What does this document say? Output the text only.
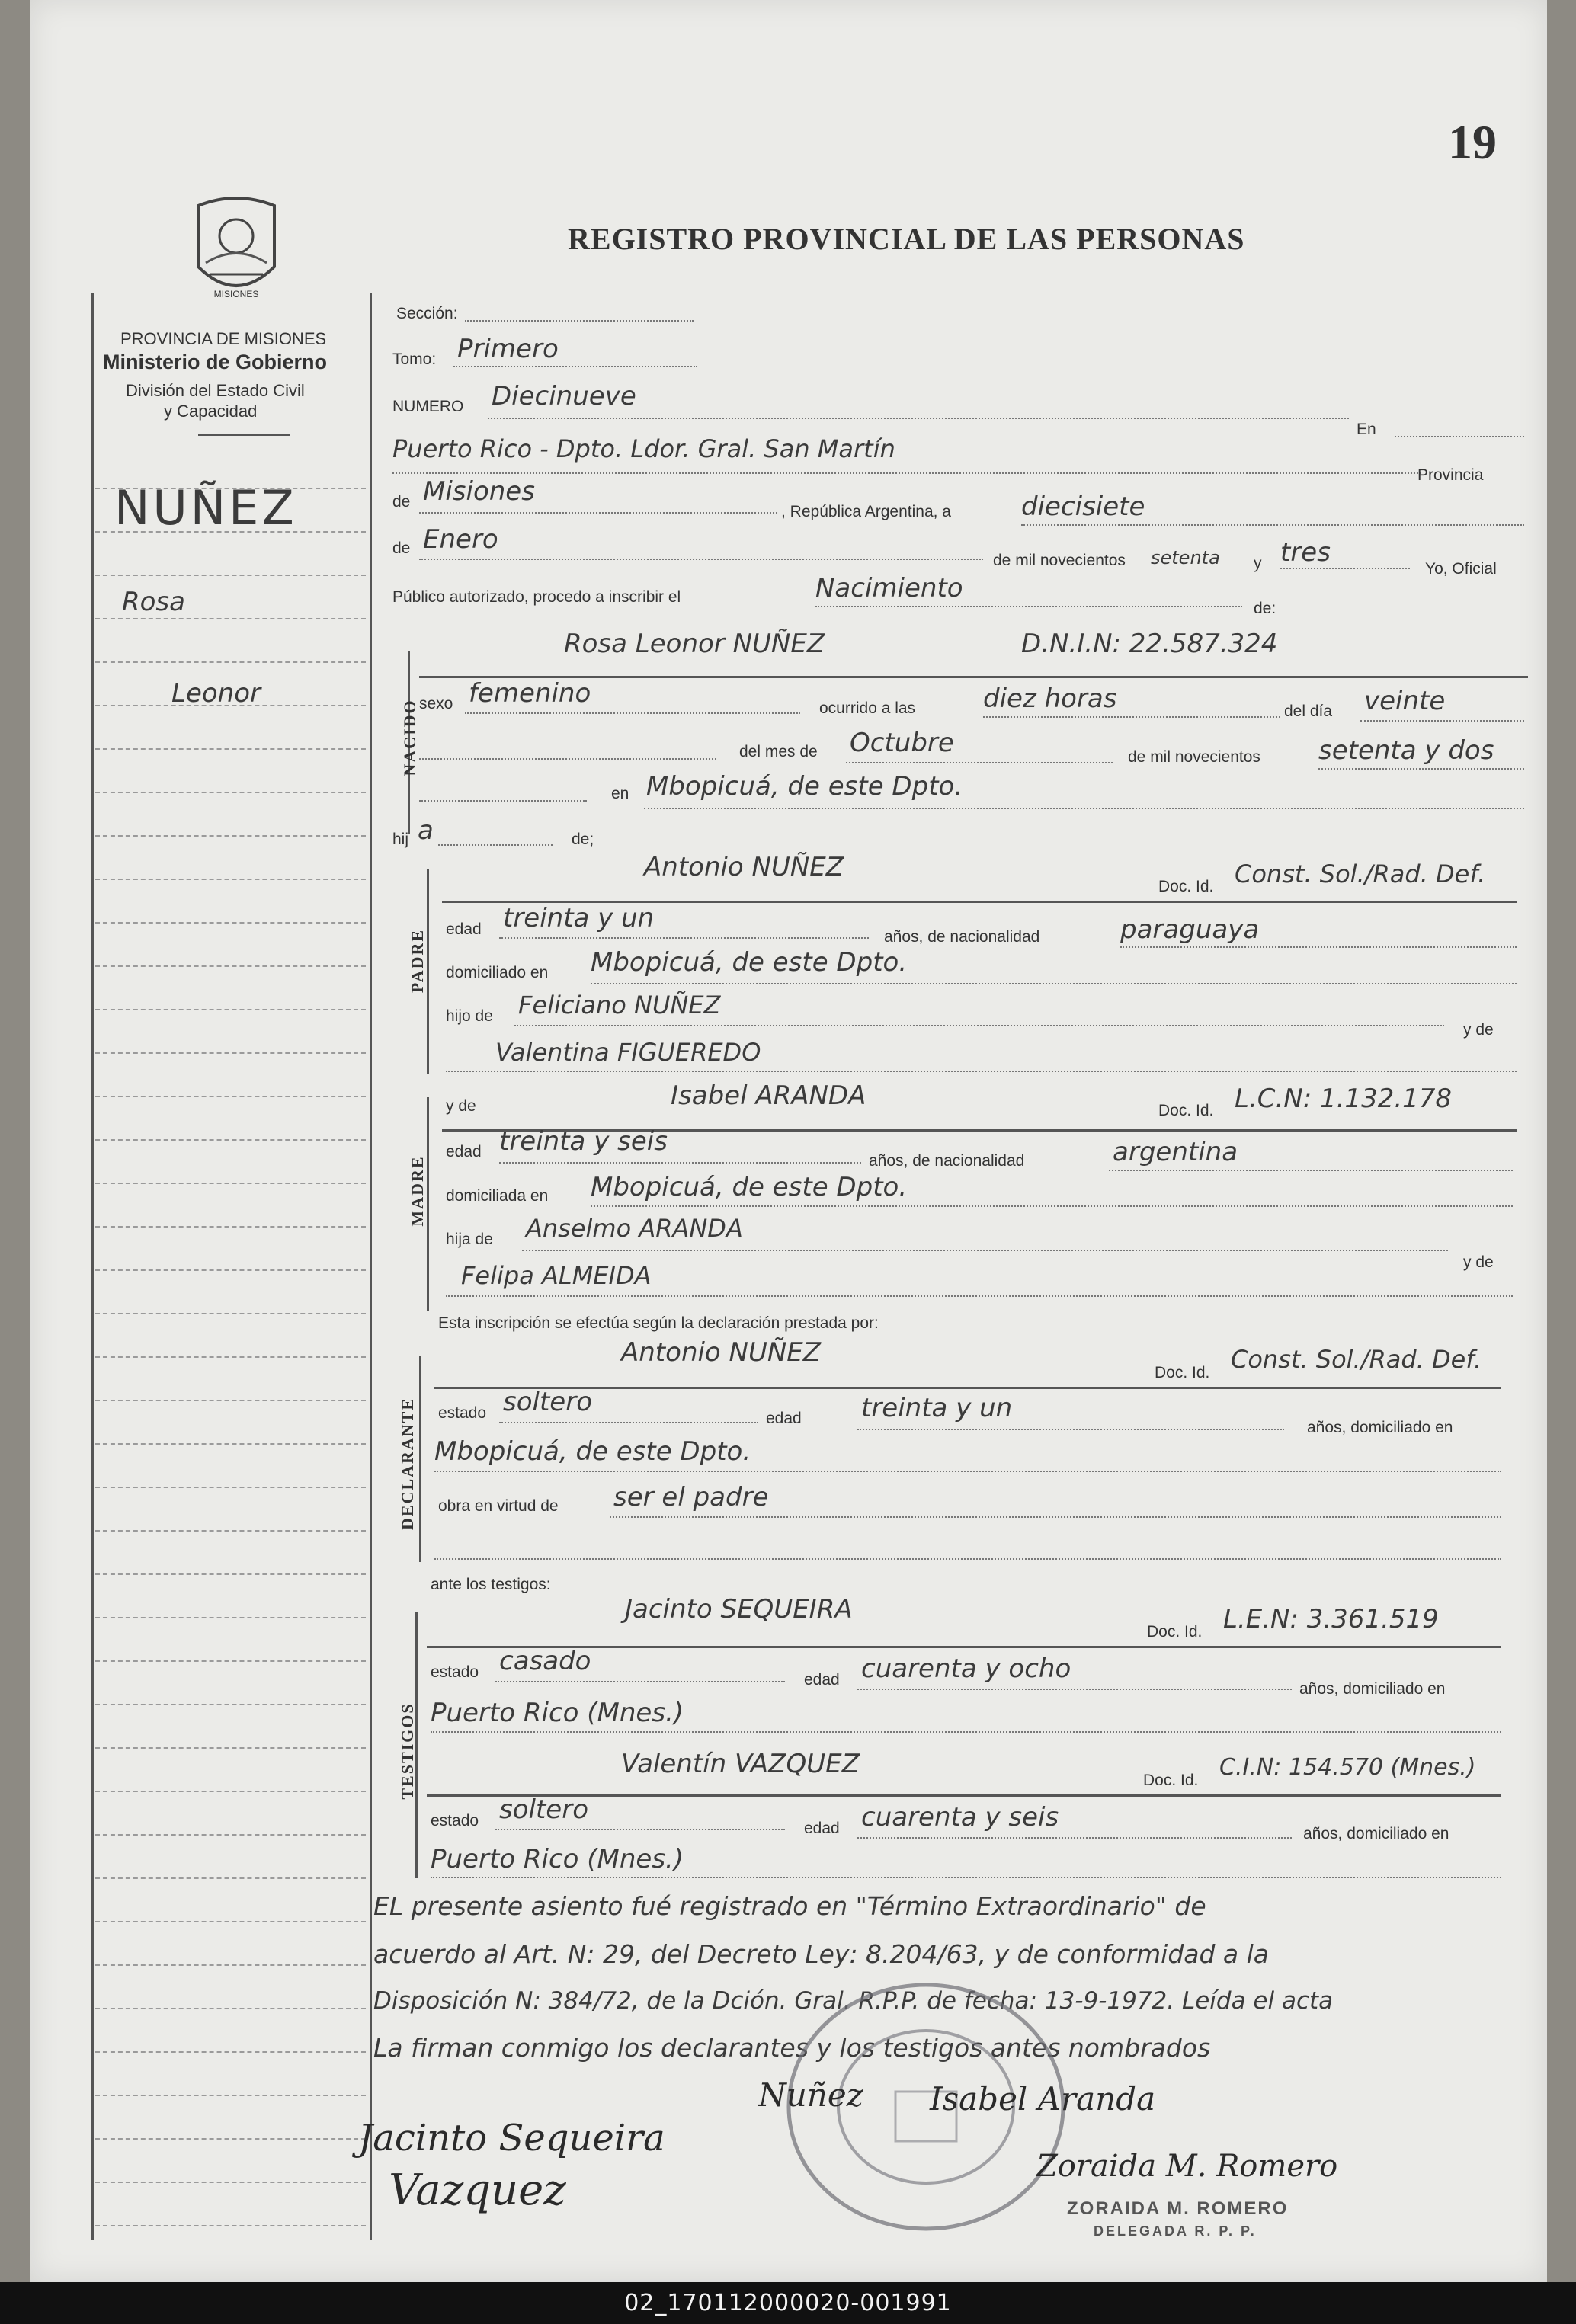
19
MISIONES
REGISTRO PROVINCIAL DE LAS PERSONAS
PROVINCIA DE MISIONES
Ministerio de Gobierno
División del Estado Civil
y Capacidad
NUÑEZ
Rosa
Leonor
Sección:
Tomo: Primero
NUMERO Diecinueve
En
Puerto Rico - Dpto. Ldor. Gral. San Martín
Provincia
de Misiones
, República Argentina, a	diecisiete
de Enero
de mil novecientos setenta y tres
Yo, Oficial
Público autorizado, procedo a inscribir el	Nacimiento
de:
NACIDO
Rosa Leonor NUÑEZ	D.N.I.N: 22.587.324
sexo femenino	ocurrido a las	diez horas	del día veinte
del mes de Octubre	de mil novecientos setenta y dos
en Mbopicuá, de este Dpto.
hij a	de;
PADRE
Antonio NUÑEZ
Doc. Id. Const. Sol./Rad. Def.
edad treinta y un
años, de nacionalidad	paraguaya
domiciliado en Mbopicuá, de este Dpto.
hijo de Feliciano NUÑEZ
y de
Valentina FIGUEREDO
MADRE
y de	Isabel ARANDA	Doc. Id. L.C.N: 1.132.178
edad treinta y seis
años, de nacionalidad	argentina
domiciliada en Mbopicuá, de este Dpto.
hija de Anselmo ARANDA
y de
Felipa ALMEIDA
Esta inscripción se efectúa según la declaración prestada por:
DECLARANTE
Antonio NUÑEZ
Doc. Id. Const. Sol./Rad. Def.
estado soltero
edad treinta y un
años, domiciliado en
Mbopicuá, de este Dpto.
obra en virtud de ser el padre
ante los testigos:
TESTIGOS
Jacinto SEQUEIRA
Doc. Id. L.E.N: 3.361.519
estado casado
edad cuarenta y ocho
años, domiciliado en
Puerto Rico (Mnes.)
Valentín VAZQUEZ
Doc. Id. C.I.N: 154.570 (Mnes.)
estado soltero
edad cuarenta y seis
años, domiciliado en
Puerto Rico (Mnes.)
EL presente asiento fué registrado en "Término Extraordinario" de
acuerdo al Art. N: 29, del Decreto Ley: 8.204/63, y de conformidad a la
Disposición N: 384/72, de la Dción. Gral. R.P.P. de fecha: 13-9-1972. Leída el acta
La firman conmigo los declarantes y los testigos antes nombrados
Nuñez Isabel Aranda
Jacinto Sequeira
Vazquez	Zoraida M. Romero
ZORAIDA M. ROMERO
DELEGADA R. P. P.
02_170112000020-001991
